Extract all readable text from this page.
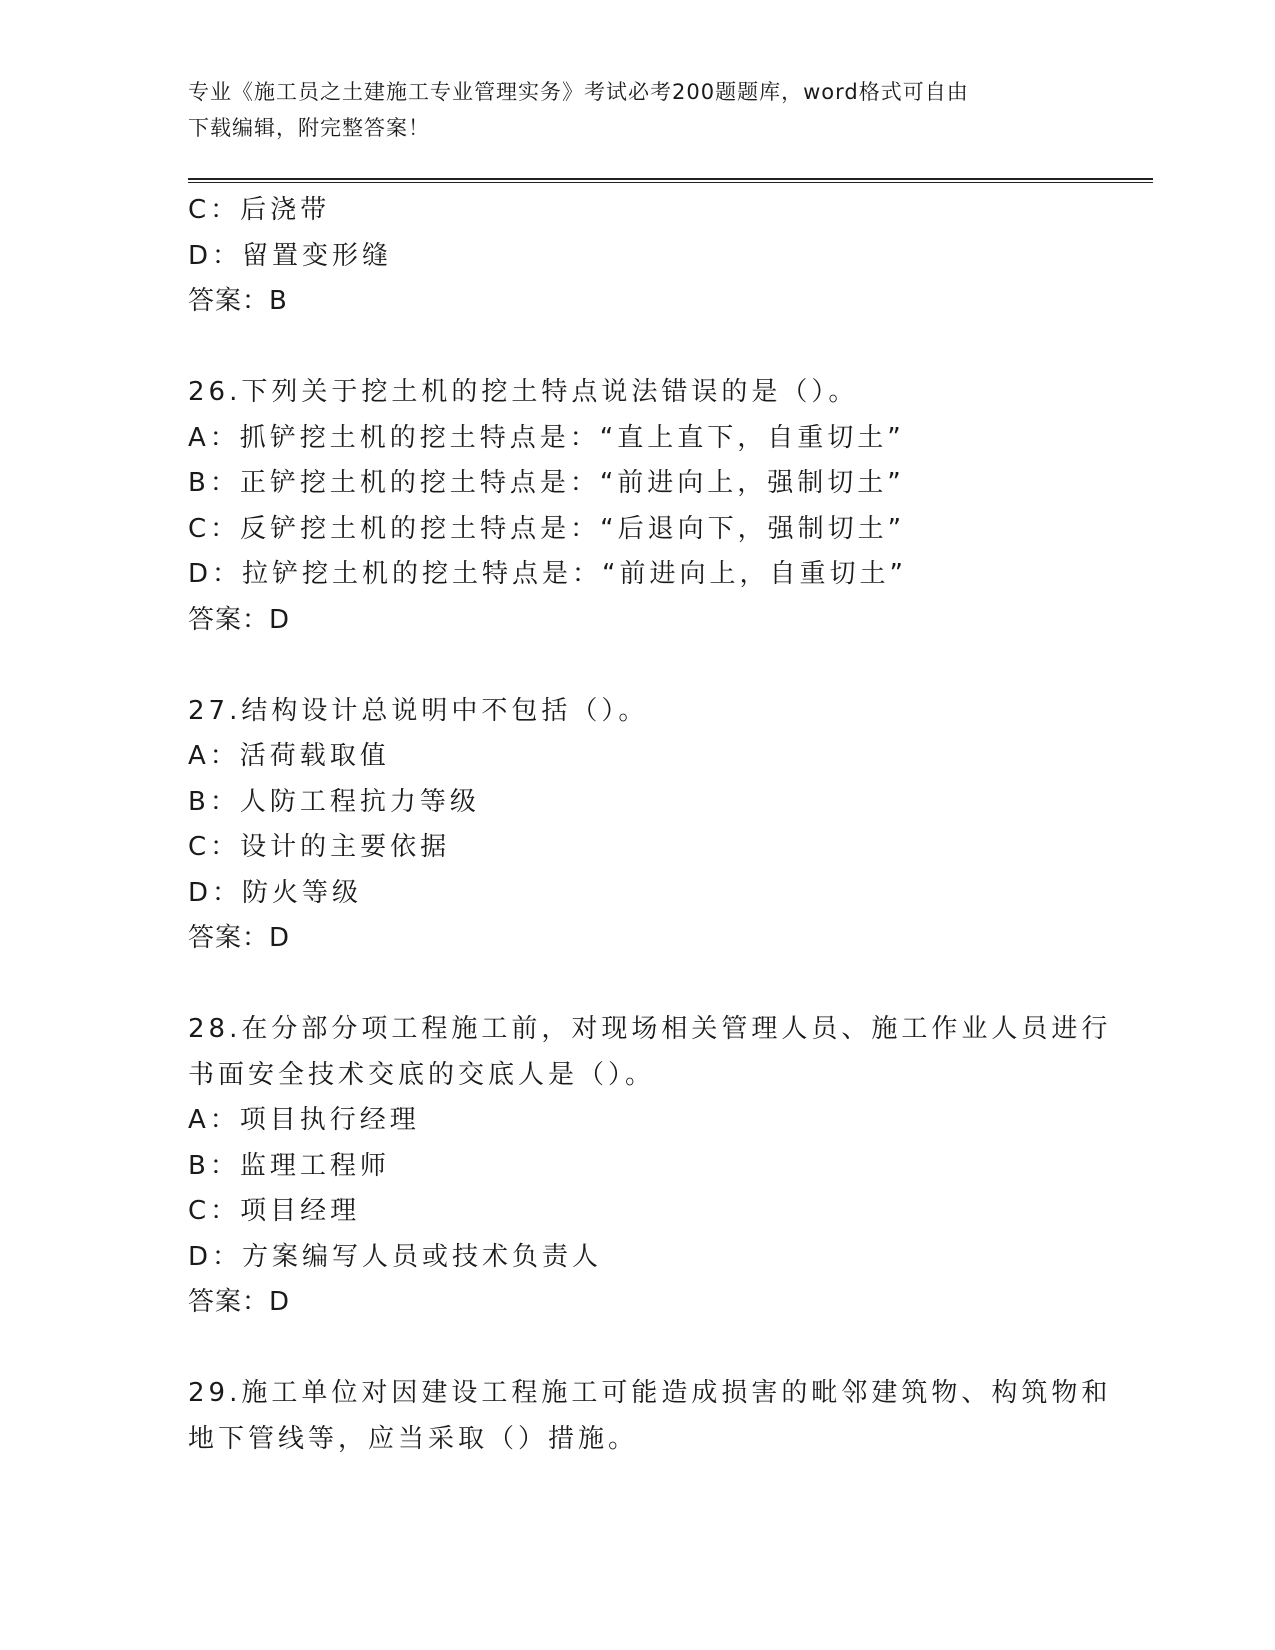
专业《施工员之土建施工专业管理实务》考试必考200题题库，word格式可自由
下载编辑，附完整答案！
C：后浇带
D：留置变形缝
答案：B
26.下列关于挖土机的挖土特点说法错误的是（）。
A：抓铲挖土机的挖土特点是：“直上直下，自重切土”
B：正铲挖土机的挖土特点是：“前进向上，强制切土”
C：反铲挖土机的挖土特点是：“后退向下，强制切土”
D：拉铲挖土机的挖土特点是：“前进向上，自重切土”
答案：D
27.结构设计总说明中不包括（）。
A：活荷载取值
B：人防工程抗力等级
C：设计的主要依据
D：防火等级
答案：D
28.在分部分项工程施工前，对现场相关管理人员、施工作业人员进行
书面安全技术交底的交底人是（）。
A：项目执行经理
B：监理工程师
C：项目经理
D：方案编写人员或技术负责人
答案：D
29.施工单位对因建设工程施工可能造成损害的毗邻建筑物、构筑物和
地下管线等，应当采取（）措施。
